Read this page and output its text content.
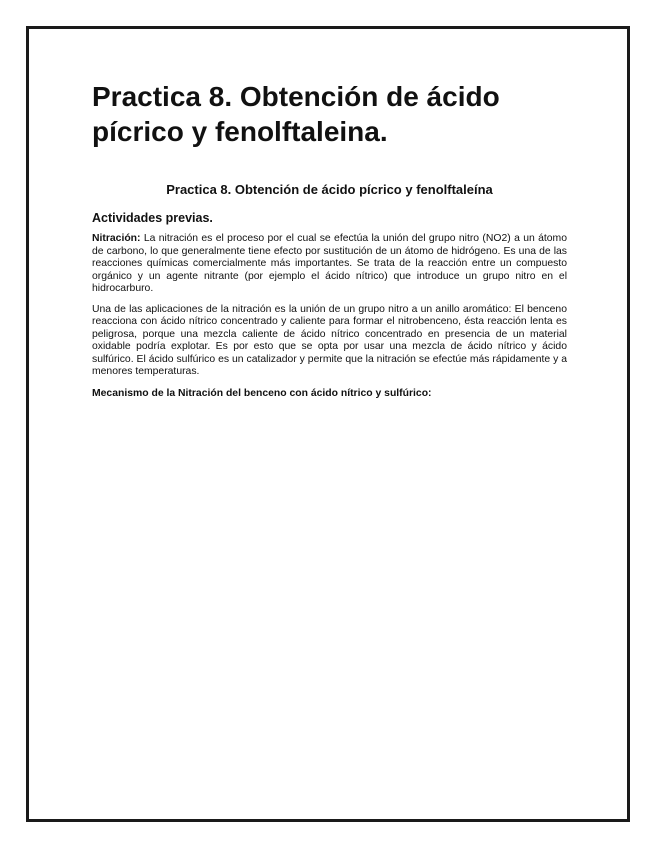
Practica 8. Obtención de ácido pícrico y fenolftaleina.
Practica 8. Obtención de ácido pícrico y fenolftaleína
Actividades previas.

Nitración: La nitración es el proceso por el cual se efectúa la unión del grupo nitro (NO2) a un átomo de carbono, lo que generalmente tiene efecto por sustitución de un átomo de hidrógeno. Es una de las reacciones químicas comercialmente más importantes. Se trata de la reacción entre un compuesto orgánico y un agente nitrante (por ejemplo el ácido nítrico) que introduce un grupo nitro en el hidrocarburo.

Una de las aplicaciones de la nitración es la unión de un grupo nitro a un anillo aromático: El benceno reacciona con ácido nítrico concentrado y caliente para formar el nitrobenceno, ésta reacción lenta es peligrosa, porque una mezcla caliente de ácido nítrico concentrado en presencia de un material oxidable podría explotar. Es por esto que se opta por usar una mezcla de ácido nítrico y ácido sulfúrico. El ácido sulfúrico es un catalizador y permite que la nitración se efectúe más rápidamente y a menores temperaturas.

Mecanismo de la Nitración del benceno con ácido nítrico y sulfúrico:
